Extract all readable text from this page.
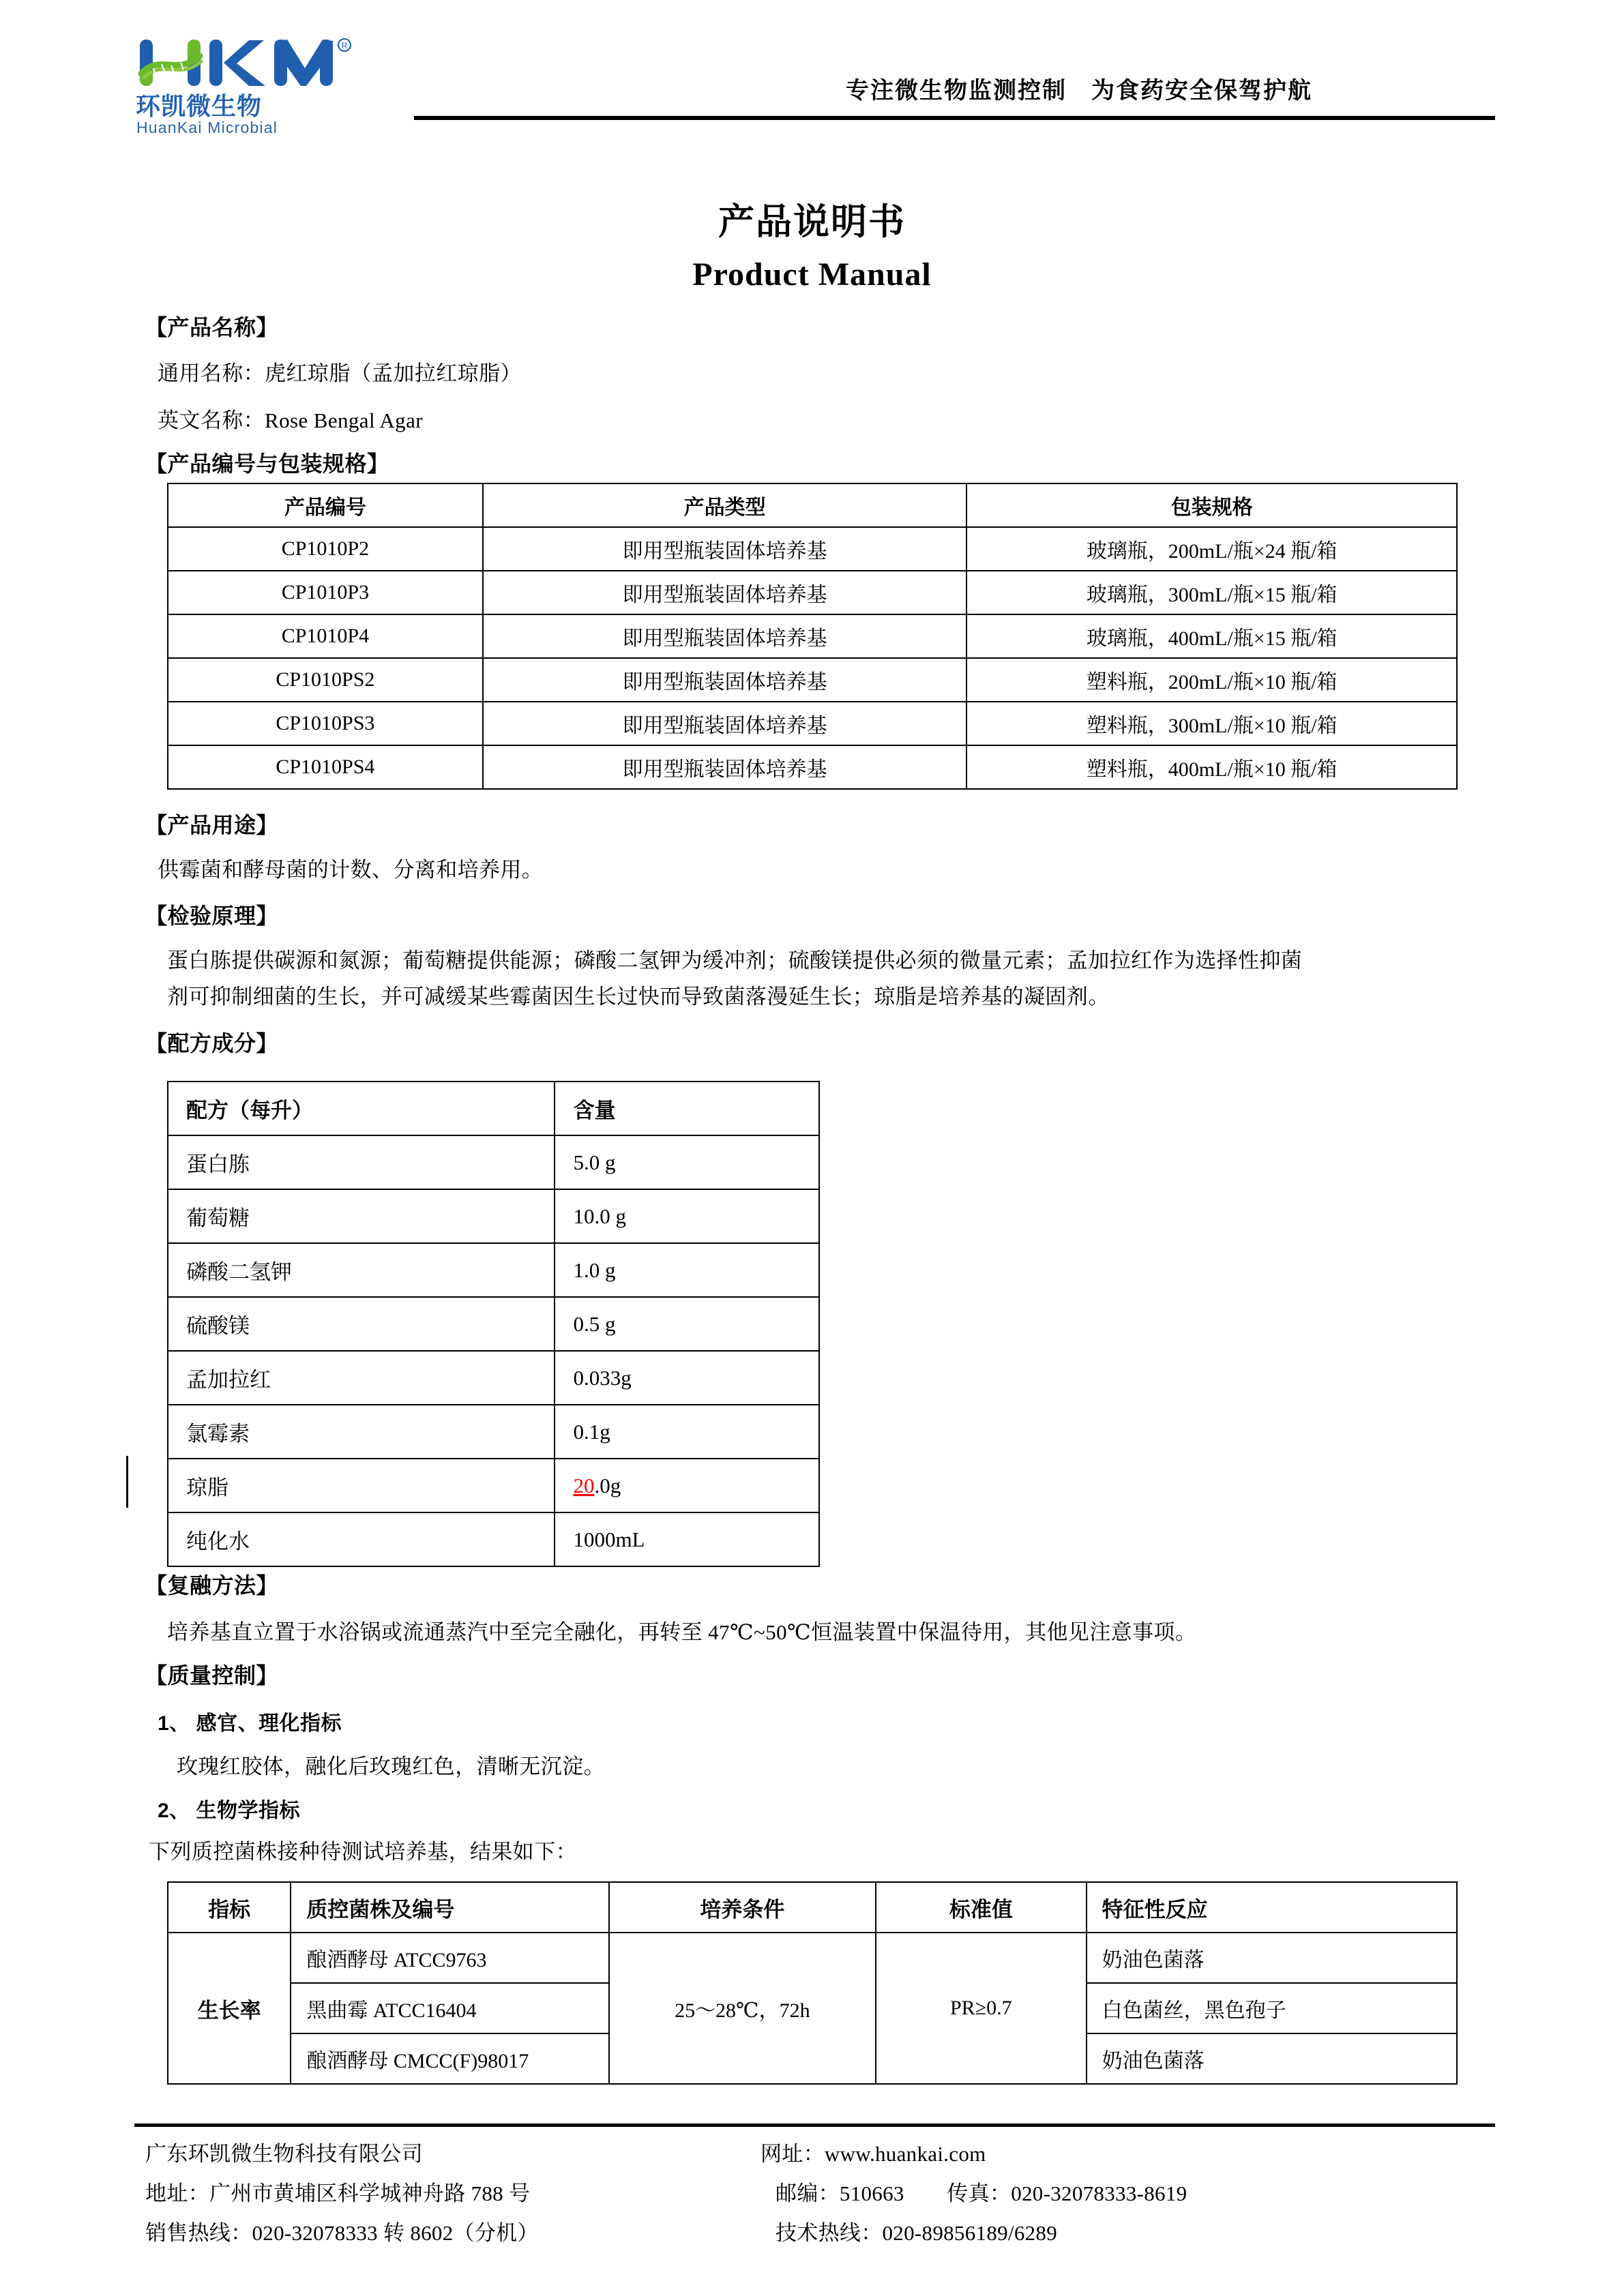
R
环凯微生物
HuanKai Microbial
专注微生物监测控制　为食药安全保驾护航
产品说明书
Product Manual
【产品名称】
通用名称：虎红琼脂（孟加拉红琼脂）
英文名称：Rose Bengal Agar
【产品编号与包装规格】
产品编号	产品类型	包装规格
CP1010P2	即用型瓶装固体培养基	玻璃瓶，200mL/瓶×24 瓶/箱
CP1010P3	即用型瓶装固体培养基	玻璃瓶，300mL/瓶×15 瓶/箱
CP1010P4	即用型瓶装固体培养基	玻璃瓶，400mL/瓶×15 瓶/箱
CP1010PS2	即用型瓶装固体培养基	塑料瓶，200mL/瓶×10 瓶/箱
CP1010PS3	即用型瓶装固体培养基	塑料瓶，300mL/瓶×10 瓶/箱
CP1010PS4	即用型瓶装固体培养基	塑料瓶，400mL/瓶×10 瓶/箱
【产品用途】
供霉菌和酵母菌的计数、分离和培养用。
【检验原理】
蛋白胨提供碳源和氮源；葡萄糖提供能源；磷酸二氢钾为缓冲剂；硫酸镁提供必须的微量元素；孟加拉红作为选择性抑菌
剂可抑制细菌的生长，并可减缓某些霉菌因生长过快而导致菌落漫延生长；琼脂是培养基的凝固剂。
【配方成分】
配方（每升）	含量
蛋白胨	5.0 g
葡萄糖	10.0 g
磷酸二氢钾	1.0 g
硫酸镁	0.5 g
孟加拉红	0.033g
氯霉素	0.1g
琼脂	20.0g
纯化水	1000mL
【复融方法】
培养基直立置于水浴锅或流通蒸汽中至完全融化，再转至 47℃~50℃恒温装置中保温待用，其他见注意事项。
【质量控制】
1、 感官、理化指标
玫瑰红胶体，融化后玫瑰红色，清晰无沉淀。
2、 生物学指标
下列质控菌株接种待测试培养基，结果如下：
指标	质控菌株及编号	培养条件	标准值	特征性反应
生长率	酿酒酵母 ATCC9763	25～28℃，72h	PR≥0.7	奶油色菌落
	黑曲霉 ATCC16404			白色菌丝，黑色孢子
	酿酒酵母 CMCC(F)98017			奶油色菌落
广东环凯微生物科技有限公司
地址：广州市黄埔区科学城神舟路 788 号
销售热线：020-32078333 转 8602（分机）
网址：www.huankai.com
邮编：510663　　传真：020-32078333-8619
技术热线：020-89856189/6289
